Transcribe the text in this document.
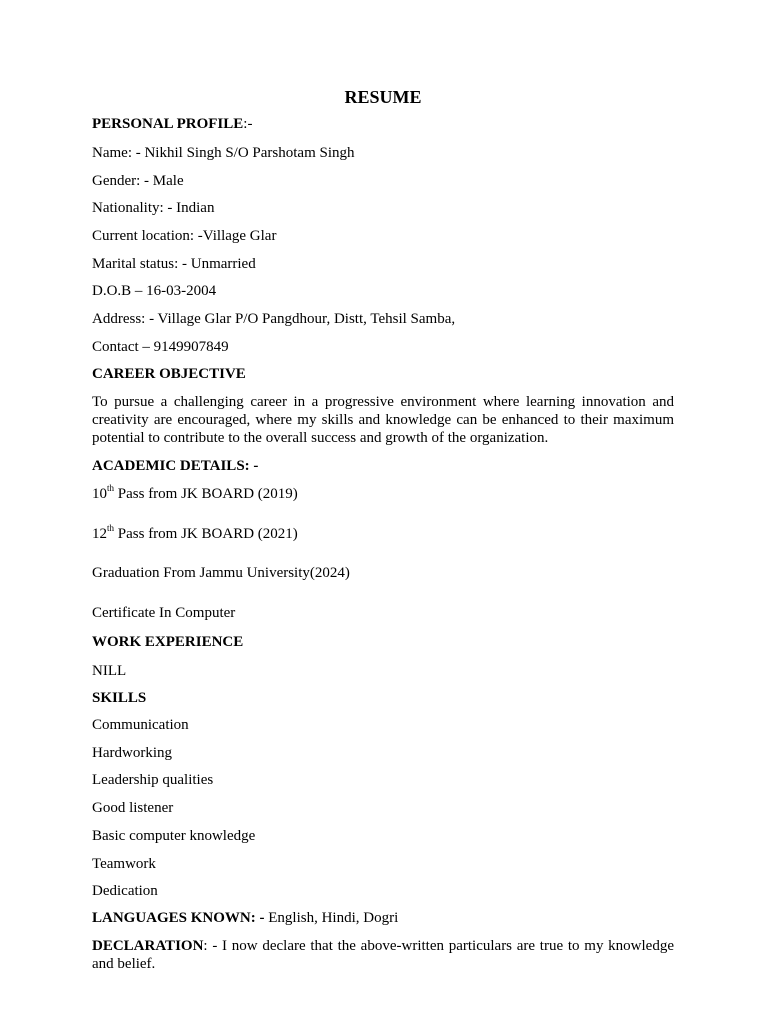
RESUME
PERSONAL PROFILE:-
Name: - Nikhil Singh S/O Parshotam Singh
Gender: - Male
Nationality: - Indian
Current location: -Village Glar
Marital status: - Unmarried
D.O.B – 16-03-2004
Address: - Village Glar P/O Pangdhour, Distt, Tehsil Samba,
Contact – 9149907849
CAREER OBJECTIVE
To pursue a challenging career in a progressive environment where learning innovation and creativity are encouraged, where my skills and knowledge can be enhanced to their maximum potential to contribute to the overall success and growth of the organization.
ACADEMIC DETAILS: -
10th Pass from JK BOARD (2019)
12th Pass from JK BOARD (2021)
Graduation From Jammu University(2024)
Certificate In Computer
WORK EXPERIENCE
NILL
SKILLS
Communication
Hardworking
Leadership qualities
Good listener
Basic computer knowledge
Teamwork
Dedication
LANGUAGES KNOWN: - English, Hindi, Dogri
DECLARATION: - I now declare that the above-written particulars are true to my knowledge and belief.
